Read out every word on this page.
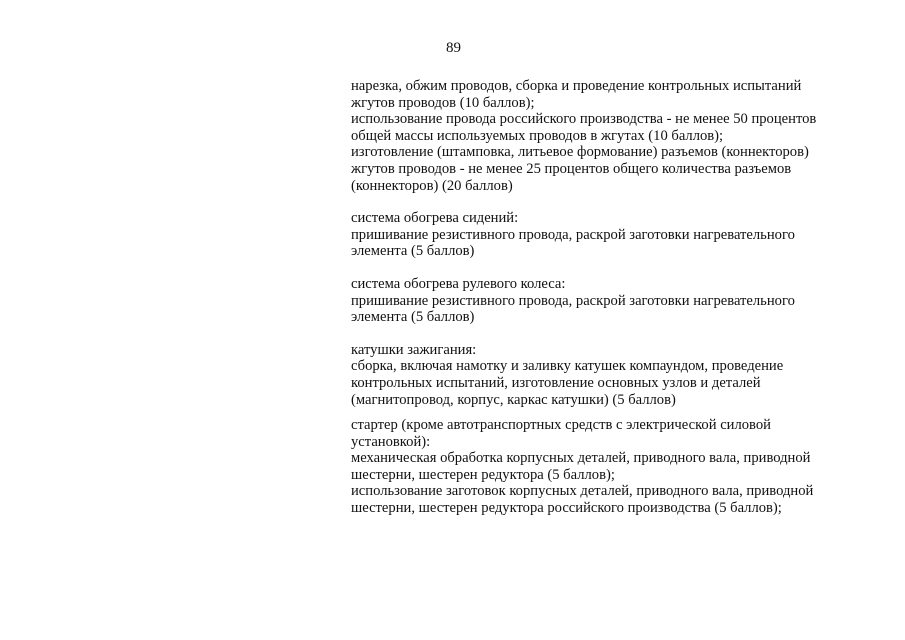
89
нарезка, обжим проводов, сборка и проведение контрольных испытаний
жгутов проводов (10 баллов);
использование провода российского производства - не менее 50 процентов
общей массы используемых проводов в жгутах (10 баллов);
изготовление (штамповка, литьевое формование) разъемов (коннекторов)
жгутов проводов - не менее 25 процентов общего количества разъемов
(коннекторов) (20 баллов)
система обогрева сидений:
пришивание резистивного провода, раскрой заготовки нагревательного
элемента (5 баллов)
система обогрева рулевого колеса:
пришивание резистивного провода, раскрой заготовки нагревательного
элемента (5 баллов)
катушки зажигания:
сборка, включая намотку и заливку катушек компаундом, проведение
контрольных испытаний, изготовление основных узлов и деталей
(магнитопровод, корпус, каркас катушки) (5 баллов)
стартер (кроме автотранспортных средств с электрической силовой
установкой):
механическая обработка корпусных деталей, приводного вала, приводной
шестерни, шестерен редуктора (5 баллов);
использование заготовок корпусных деталей, приводного вала, приводной
шестерни, шестерен редуктора российского производства (5 баллов);
